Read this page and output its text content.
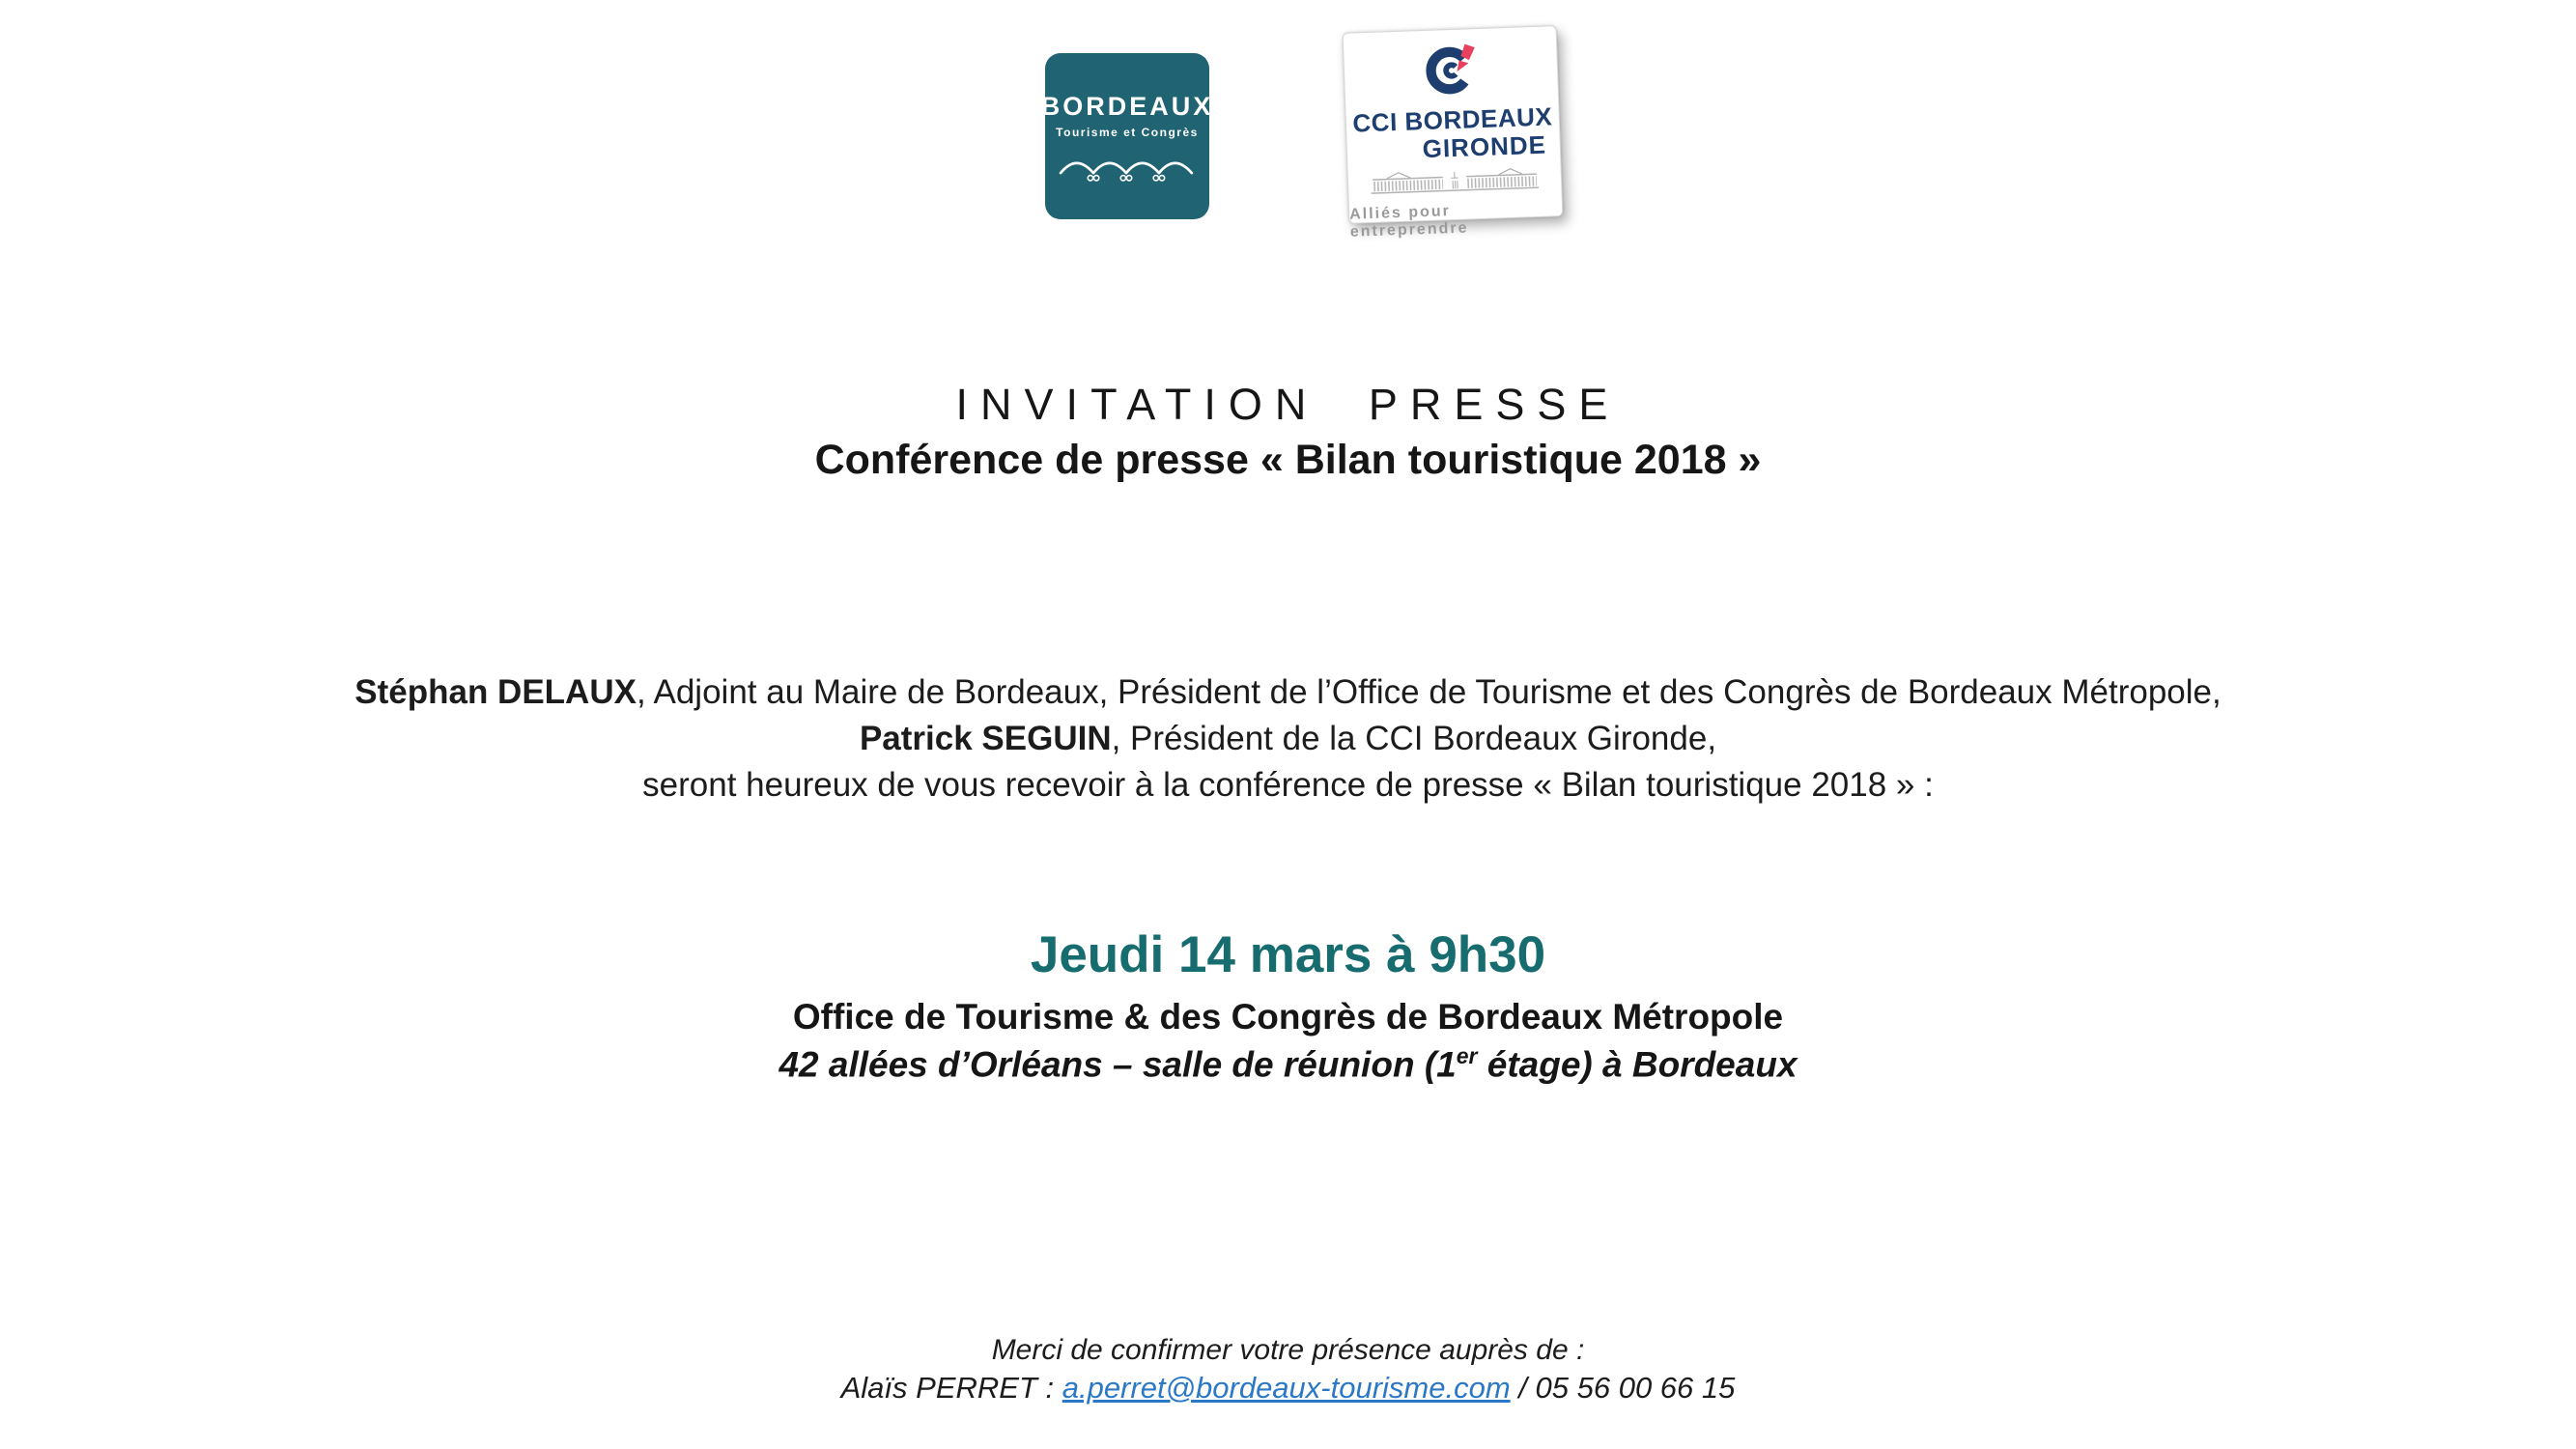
BORDEAUX
Tourisme et Congrès	CCI BORDEAUX
GIRONDE
Alliés pour entreprendre
INVITATION PRESSE
Conférence de presse « Bilan touristique 2018 »
Stéphan DELAUX, Adjoint au Maire de Bordeaux, Président de l’Office de Tourisme et des Congrès de Bordeaux Métropole,
Patrick SEGUIN, Président de la CCI Bordeaux Gironde,
seront heureux de vous recevoir à la conférence de presse « Bilan touristique 2018 » :
Jeudi 14 mars à 9h30
Office de Tourisme & des Congrès de Bordeaux Métropole
42 allées d’Orléans – salle de réunion (1er étage) à Bordeaux
Merci de confirmer votre présence auprès de :
Alaïs PERRET : a.perret@bordeaux-tourisme.com / 05 56 00 66 15
